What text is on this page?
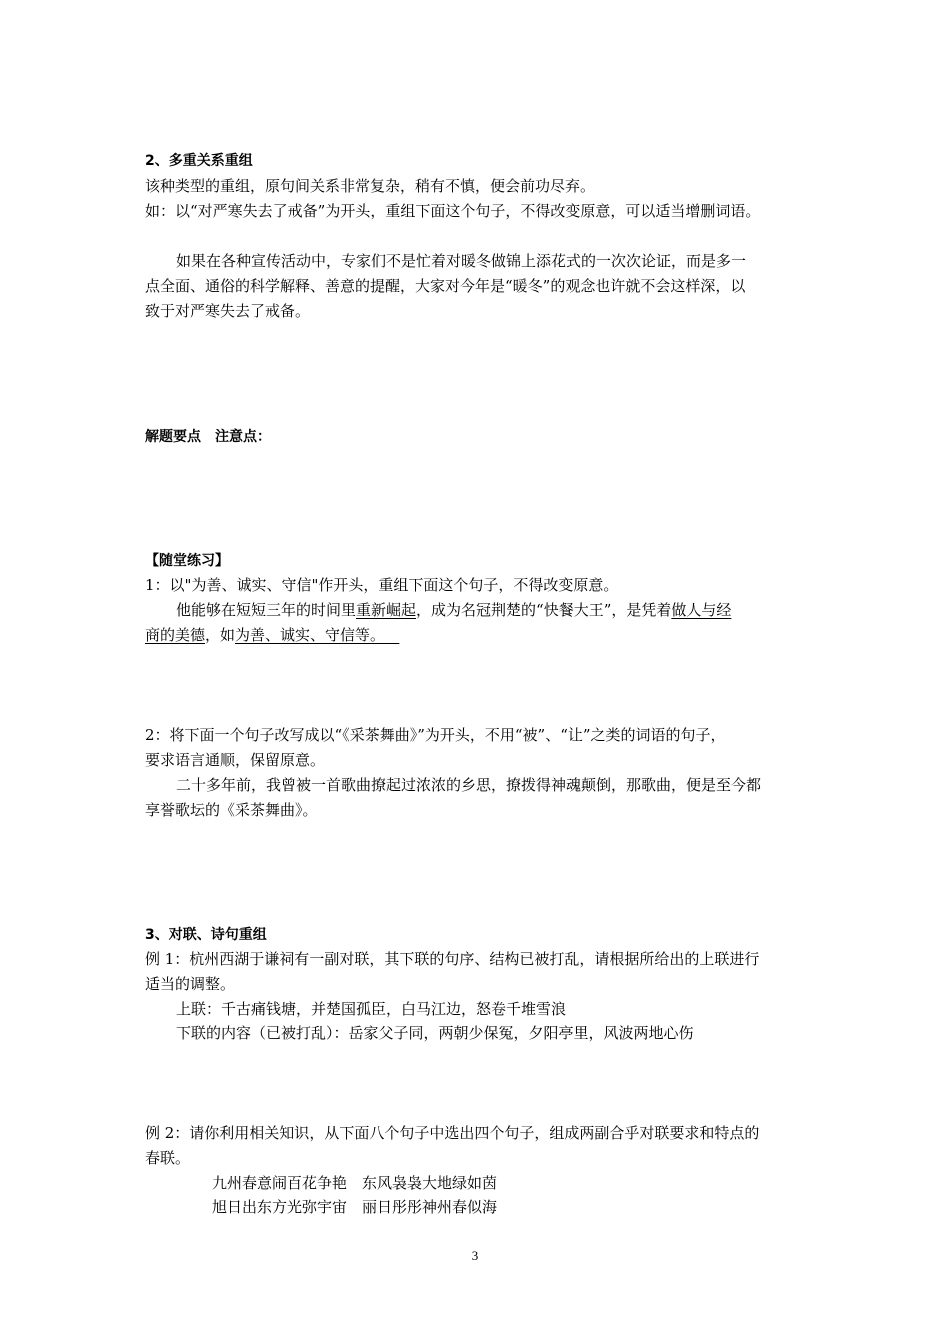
2、多重关系重组
该种类型的重组，原句间关系非常复杂，稍有不慎，便会前功尽弃。
如：以“对严寒失去了戒备”为开头，重组下面这个句子，不得改变原意，可以适当增删词语。
如果在各种宣传活动中，专家们不是忙着对暖冬做锦上添花式的一次次论证，而是多一
点全面、通俗的科学解释、善意的提醒，大家对今年是“暖冬”的观念也许就不会这样深，以
致于对严寒失去了戒备。
解题要点　注意点：
【随堂练习】
1：以"为善、诚实、守信"作开头，重组下面这个句子，不得改变原意。
他能够在短短三年的时间里重新崛起，成为名冠荆楚的“快餐大王”，是凭着做人与经
商的美德，如为善、诚实、守信等。
2：将下面一个句子改写成以“《采茶舞曲》”为开头，不用“被”、“让”之类的词语的句子，
要求语言通顺，保留原意。
二十多年前，我曾被一首歌曲撩起过浓浓的乡思，撩拨得神魂颠倒，那歌曲，便是至今都
享誉歌坛的《采茶舞曲》。
3、对联、诗句重组
例 1：杭州西湖于谦祠有一副对联，其下联的句序、结构已被打乱，请根据所给出的上联进行
适当的调整。
上联：千古痛钱塘，并楚国孤臣，白马江边，怒卷千堆雪浪
下联的内容（已被打乱）：岳家父子同，两朝少保冤，夕阳亭里，风波两地心伤
例 2：请你利用相关知识，从下面八个句子中选出四个句子，组成两副合乎对联要求和特点的
春联。
九州春意闹百花争艳　东风袅袅大地绿如茵
旭日出东方光弥宇宙　丽日彤彤神州春似海
3
